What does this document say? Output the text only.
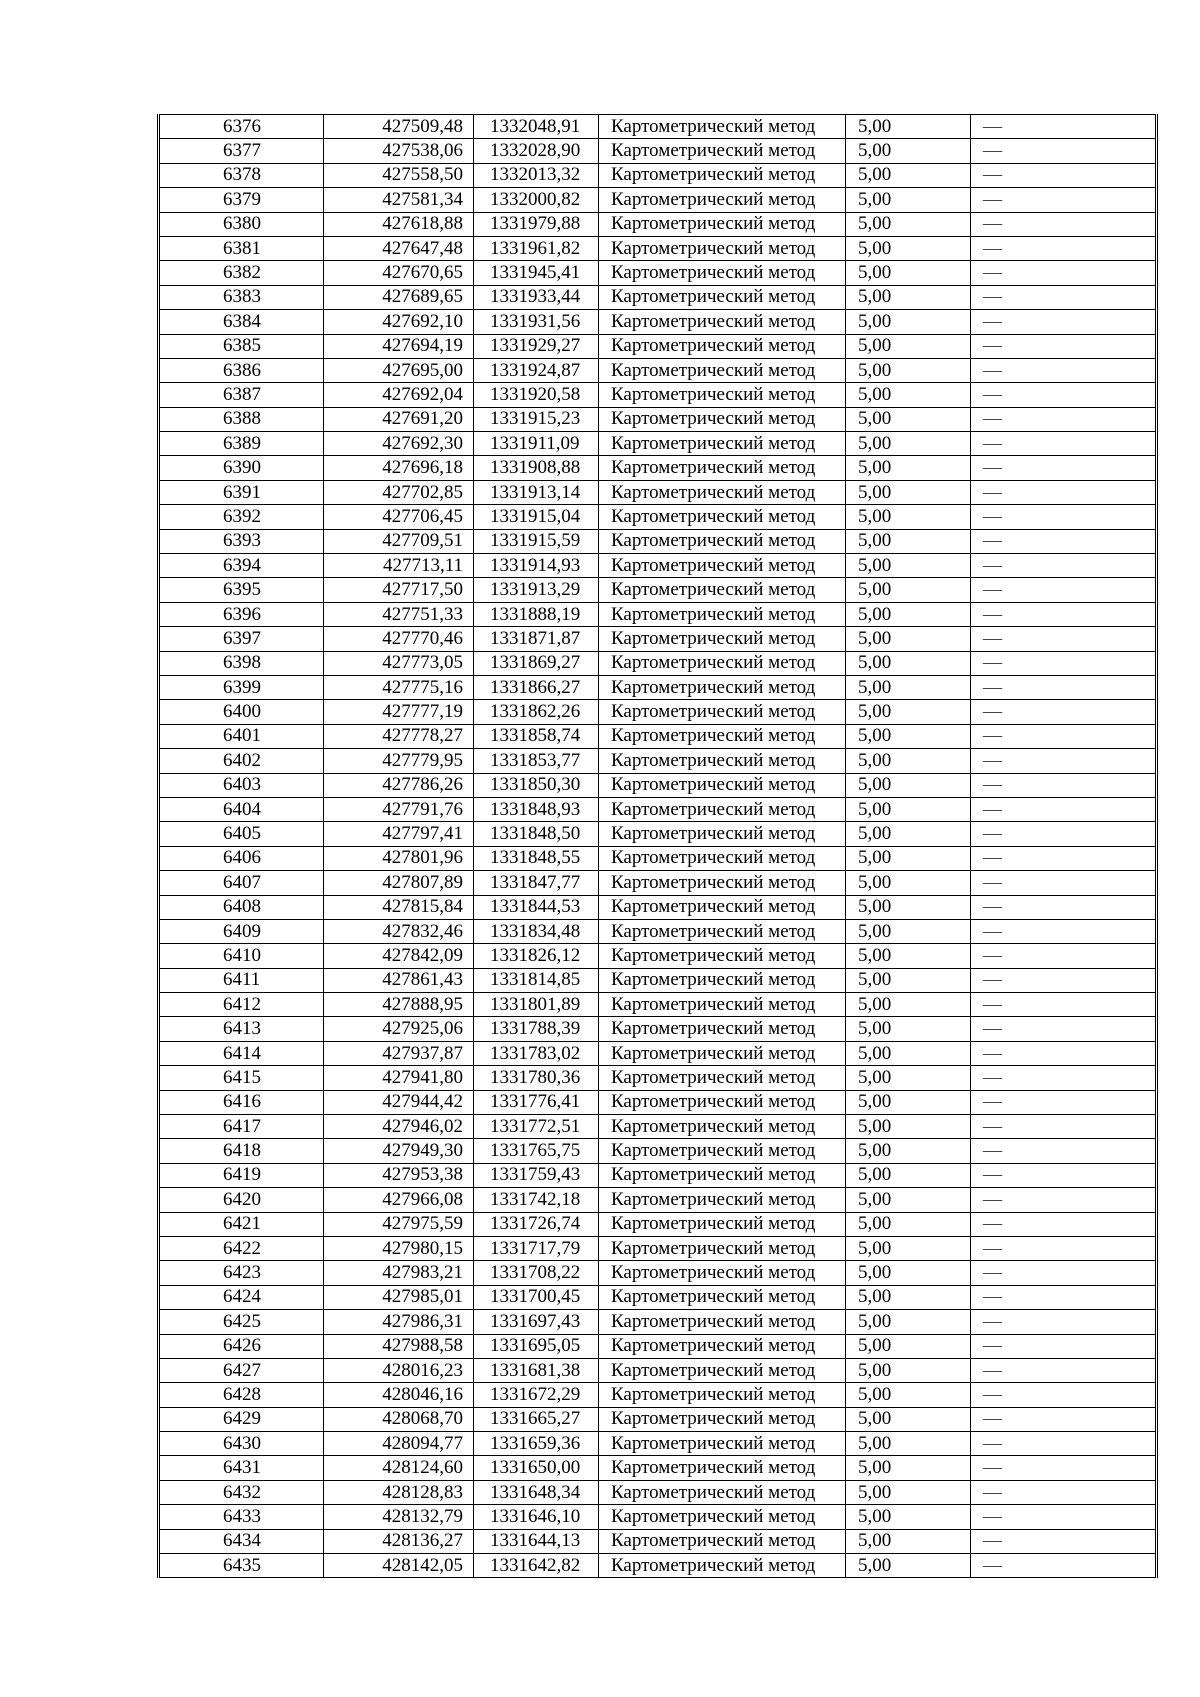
6376	427509,48	1332048,91	Картометрический метод	5,00	—
6377	427538,06	1332028,90	Картометрический метод	5,00	—
6378	427558,50	1332013,32	Картометрический метод	5,00	—
6379	427581,34	1332000,82	Картометрический метод	5,00	—
6380	427618,88	1331979,88	Картометрический метод	5,00	—
6381	427647,48	1331961,82	Картометрический метод	5,00	—
6382	427670,65	1331945,41	Картометрический метод	5,00	—
6383	427689,65	1331933,44	Картометрический метод	5,00	—
6384	427692,10	1331931,56	Картометрический метод	5,00	—
6385	427694,19	1331929,27	Картометрический метод	5,00	—
6386	427695,00	1331924,87	Картометрический метод	5,00	—
6387	427692,04	1331920,58	Картометрический метод	5,00	—
6388	427691,20	1331915,23	Картометрический метод	5,00	—
6389	427692,30	1331911,09	Картометрический метод	5,00	—
6390	427696,18	1331908,88	Картометрический метод	5,00	—
6391	427702,85	1331913,14	Картометрический метод	5,00	—
6392	427706,45	1331915,04	Картометрический метод	5,00	—
6393	427709,51	1331915,59	Картометрический метод	5,00	—
6394	427713,11	1331914,93	Картометрический метод	5,00	—
6395	427717,50	1331913,29	Картометрический метод	5,00	—
6396	427751,33	1331888,19	Картометрический метод	5,00	—
6397	427770,46	1331871,87	Картометрический метод	5,00	—
6398	427773,05	1331869,27	Картометрический метод	5,00	—
6399	427775,16	1331866,27	Картометрический метод	5,00	—
6400	427777,19	1331862,26	Картометрический метод	5,00	—
6401	427778,27	1331858,74	Картометрический метод	5,00	—
6402	427779,95	1331853,77	Картометрический метод	5,00	—
6403	427786,26	1331850,30	Картометрический метод	5,00	—
6404	427791,76	1331848,93	Картометрический метод	5,00	—
6405	427797,41	1331848,50	Картометрический метод	5,00	—
6406	427801,96	1331848,55	Картометрический метод	5,00	—
6407	427807,89	1331847,77	Картометрический метод	5,00	—
6408	427815,84	1331844,53	Картометрический метод	5,00	—
6409	427832,46	1331834,48	Картометрический метод	5,00	—
6410	427842,09	1331826,12	Картометрический метод	5,00	—
6411	427861,43	1331814,85	Картометрический метод	5,00	—
6412	427888,95	1331801,89	Картометрический метод	5,00	—
6413	427925,06	1331788,39	Картометрический метод	5,00	—
6414	427937,87	1331783,02	Картометрический метод	5,00	—
6415	427941,80	1331780,36	Картометрический метод	5,00	—
6416	427944,42	1331776,41	Картометрический метод	5,00	—
6417	427946,02	1331772,51	Картометрический метод	5,00	—
6418	427949,30	1331765,75	Картометрический метод	5,00	—
6419	427953,38	1331759,43	Картометрический метод	5,00	—
6420	427966,08	1331742,18	Картометрический метод	5,00	—
6421	427975,59	1331726,74	Картометрический метод	5,00	—
6422	427980,15	1331717,79	Картометрический метод	5,00	—
6423	427983,21	1331708,22	Картометрический метод	5,00	—
6424	427985,01	1331700,45	Картометрический метод	5,00	—
6425	427986,31	1331697,43	Картометрический метод	5,00	—
6426	427988,58	1331695,05	Картометрический метод	5,00	—
6427	428016,23	1331681,38	Картометрический метод	5,00	—
6428	428046,16	1331672,29	Картометрический метод	5,00	—
6429	428068,70	1331665,27	Картометрический метод	5,00	—
6430	428094,77	1331659,36	Картометрический метод	5,00	—
6431	428124,60	1331650,00	Картометрический метод	5,00	—
6432	428128,83	1331648,34	Картометрический метод	5,00	—
6433	428132,79	1331646,10	Картометрический метод	5,00	—
6434	428136,27	1331644,13	Картометрический метод	5,00	—
6435	428142,05	1331642,82	Картометрический метод	5,00	—
